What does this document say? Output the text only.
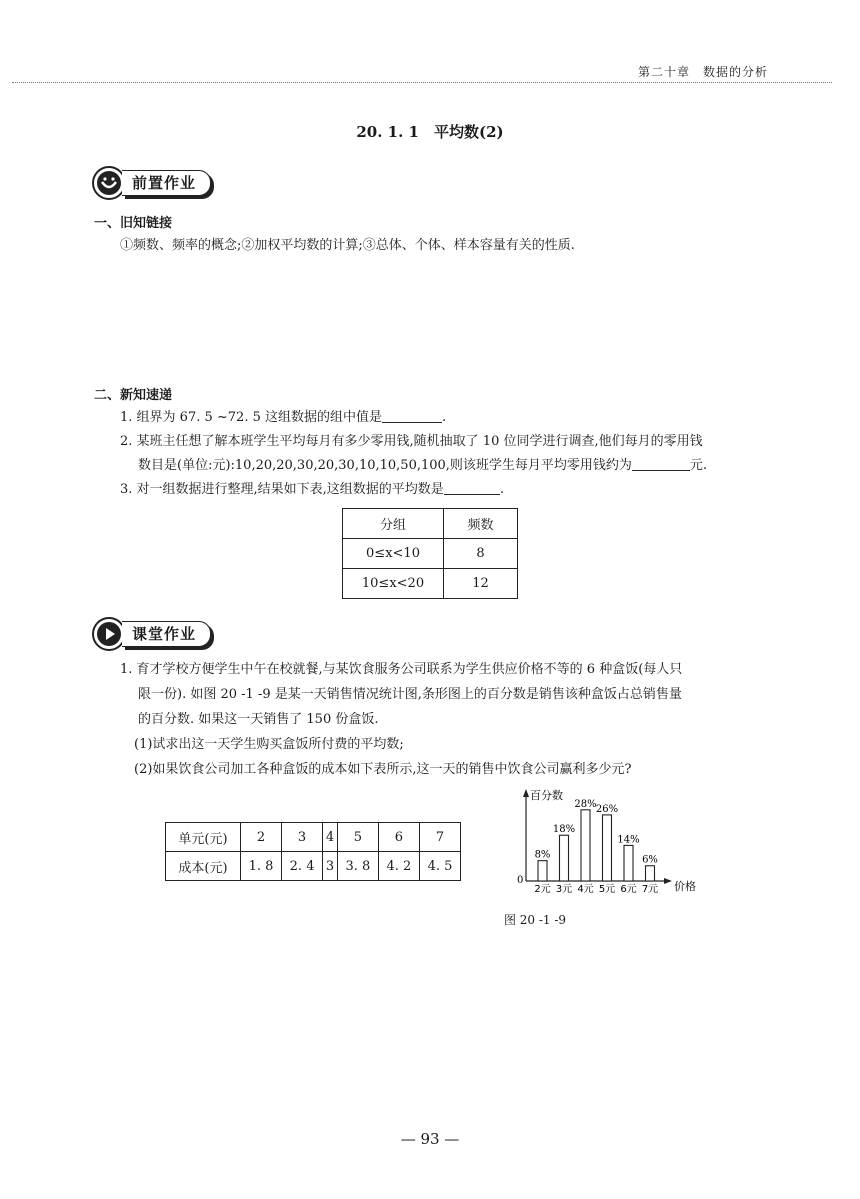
第二十章　数据的分析
20. 1. 1　平均数(2)
前置作业
一、旧知链接
①频数、频率的概念;②加权平均数的计算;③总体、个体、样本容量有关的性质.
二、新知速递
1. 组界为 67. 5 ~72. 5 这组数据的组中值是	.
2. 某班主任想了解本班学生平均每月有多少零用钱,随机抽取了 10 位同学进行调查,他们每月的零用钱
数目是(单位:元):10,20,20,30,20,30,10,10,50,100,则该班学生每月平均零用钱约为	元.
3. 对一组数据进行整理,结果如下表,这组数据的平均数是	.
分组	频数
0≤x<10	8
10≤x<20	12
课堂作业
1. 育才学校方便学生中午在校就餐,与某饮食服务公司联系为学生供应价格不等的 6 种盒饭(每人只
限一份). 如图 20 -1 -9 是某一天销售情况统计图,条形图上的百分数是销售该种盒饭占总销售量
的百分数. 如果这一天销售了 150 份盒饭.
(1)试求出这一天学生购买盒饭所付费的平均数;
(2)如果饮食公司加工各种盒饭的成本如下表所示,这一天的销售中饮食公司赢利多少元?
单元(元)	2	3	4	5	6	7
成本(元)	1. 8	2. 4	3	3. 8	4. 2	4. 5
百分数
价格
0
8%
2元
18%
3元
28%
4元
26%
5元
14%
6元
6%
7元
图 20 -1 -9
— 93 —
